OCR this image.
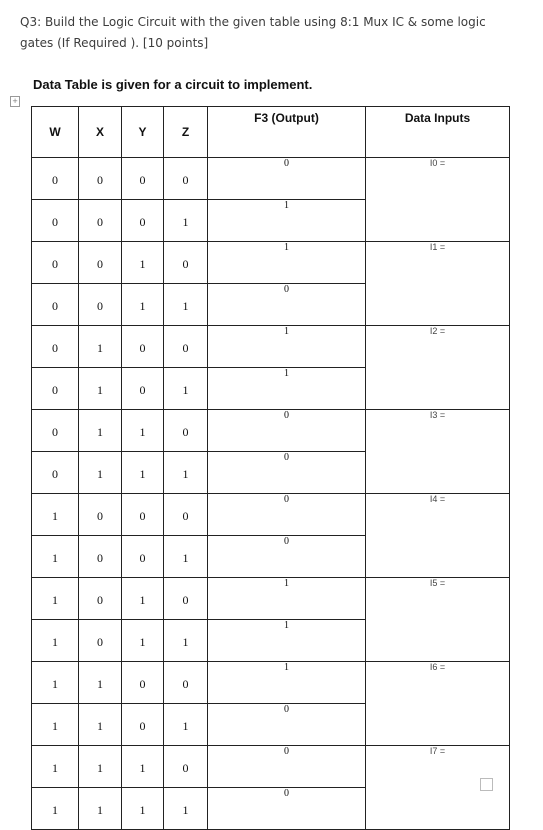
Q3: Build the Logic Circuit with the given table using 8:1 Mux IC & some logic gates (If Required ). [10 points]
Data Table is given for a circuit to implement.
+
W	X	Y	Z	F3 (Output)	Data Inputs
0	0	0	0	0	I0 =
0	0	0	1	1	
0	0	1	0	1	I1 =
0	0	1	1	0	
0	1	0	0	1	I2 =
0	1	0	1	1	
0	1	1	0	0	I3 =
0	1	1	1	0	
1	0	0	0	0	I4 =
1	0	0	1	0	
1	0	1	0	1	I5 =
1	0	1	1	1	
1	1	0	0	1	I6 =
1	1	0	1	0	
1	1	1	0	0	I7 =
1	1	1	1	0	
